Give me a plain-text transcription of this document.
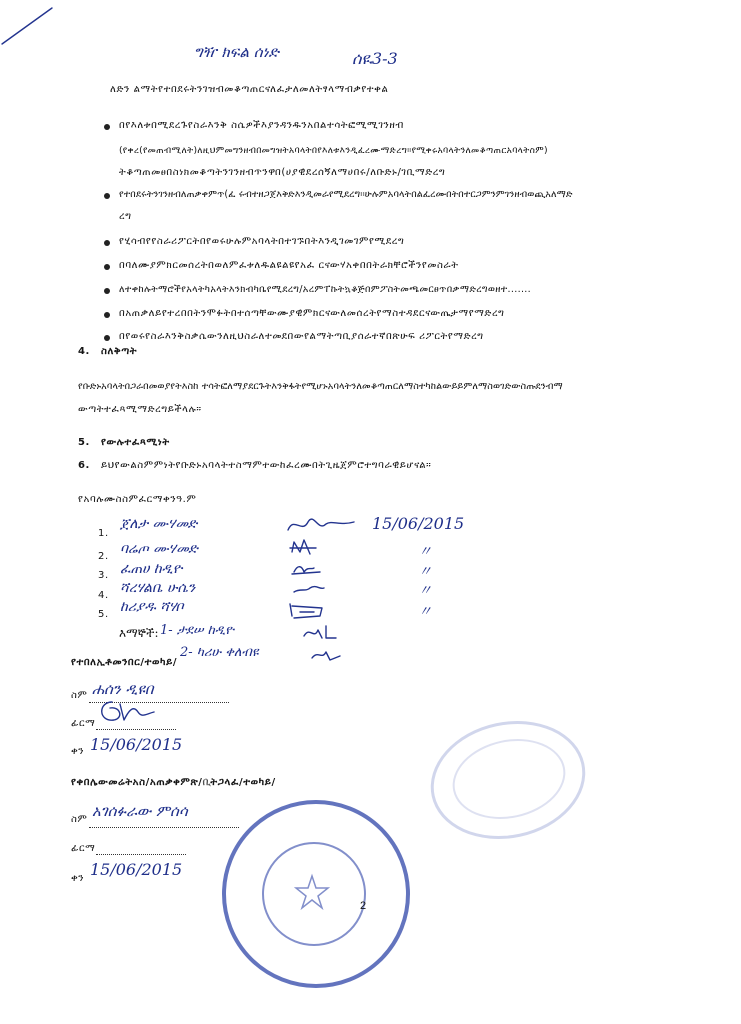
ግዥ ክፍል ሰነድ	ሰዪ3-3
ለድን ልማትየተበደሩትንገዝብመቆጣጠርናለፈታለመለትፃላማብቃየተቀል
በየእለቱበሚደረጉየስራእንቅ ስሴዎችእያንዳንዱንአበልተሳትፎሚሚገንዘብ
(የቀረ(የመጠብሚለት)ለዚህምመግንዘብበመግዝትአባላትበየእለቱእንዲፈረሙማድረግ።የሚቀሩአባላትንለመቆጣጠርአባላትስም)
ትቆጣጠመፀበስነክመቆጣትንገንዘብጥንዋበ(ሀያዊደረሰኝለማሀበሩ/ለቡድኑ/ገቢማድረግ
የተበደሩትንገንዘብለጠቃቀምጥ(ፈ ሩብተዘጋጀእቅድእንዲመራየሚደረግ።ሁሉምአባላትበልፈረሙበትበተርጋምንምገንዘብወጪአለማድ
ረግ
የሂሳብየየስራሪፖርትበየወሩሁሉምአባላትበተገኙበትእንዲገመገምየሚደረግ
በባለሙያምክርመሰረትበወለምፈቱለዱልዩልዩየአፈ ርናውሃአቀበበትራክቸሮችንየመስራት
ለተቀከሉትማሮችየአላትካአላትእንክብካቤየሚደረግ/አረምፐኩትኳቆጅበምፖስትመጫመርፀጥበቃማድረግወዘተ.......
በአጠቃለይየተረበበትንሞፉትበተሰጣቸውሙያዊምክርናውለመሰረትየማስተዳደርናውጤታማየማድረግ
በየወሩየስራእንቅስቃሴውንለዚህስራለተመደበውየልማትጣቢያሰራተኛበጽሁፍ ሪፖርትየማድረግ
4. ስለቅጣት
የቡድኑአባላትበጋራበመወያየትእስከ ተሳትፎለማያደርጉትእንቅፋትየሚሆኑአባላትንለመቆጣጠርለማስተካከልውይይምለማስወገድውስጡደንብማ
ውጣትተፈጻሚማድረግይችላሉ።
5. የውሉተፈጻሚነት
6. ይህየውልስምምነትየቡድኑአባላትተስማምተውከፈረሙበትጊዜጀምሮተግባራዊይሆናል።
የአባሉሙስስምፈርማቀንዓ.ም
1.
ጀለታ ሙሃመድ	15/06/2015
2. ባሬጦ ሙሃመድ	〃
3. ፈጠሀ ከዲዮ	〃
4. ሻረሃልቤ ሁሴን	〃
5. ከሪያዱ ሻሃቦ	〃
እማኞች: 1- ታደሠ ከዲዮ
2- ካሪሁ ቀለብዩ
የተበለኢቶመንበር/ተወካይ/
ስም ሐሰን ዲዩበ
ፊርማ
ቀን 15/06/2015
የቀበሌውመሬትአስ/አጠቃቀምጽ/ቢትጋላፈ/ተወካይ/
ስም አገሰፉራው ምሰሳ
ፊርማ
ቀን 15/06/2015
2
